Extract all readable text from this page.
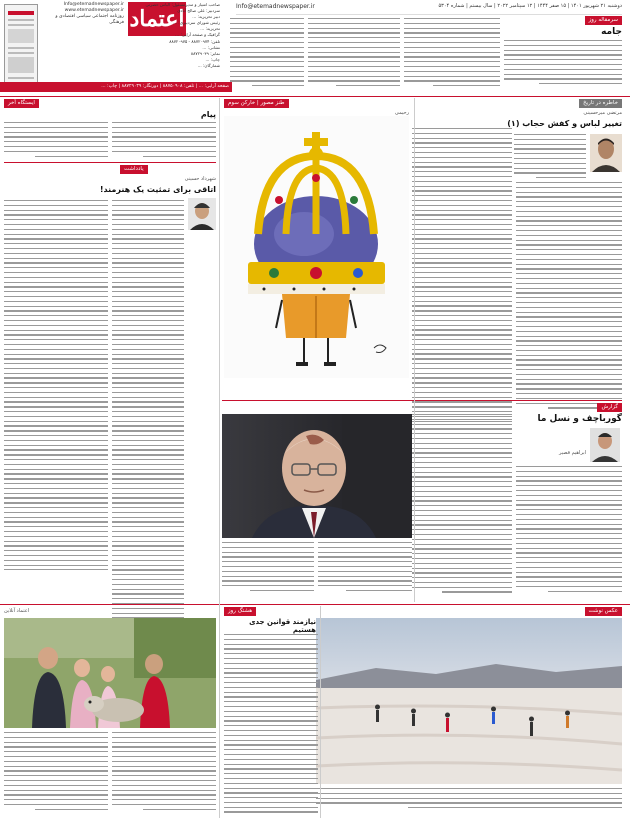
دوشنبه ۲۱ شهریور ۱۴۰۱ | ۱۵ صفر ۱۴۴۴ | ۱۲ سپتامبر ۲۰۲۲ | سال بیستم | شماره ۵۳۰۴
Info@etemadnewspaper.ir
اعتماد
Info@etemadnewspaper.ir
www.etemadnewspaper.ir
روزنامه اجتماعی سیاسی اقتصادی و فرهنگی
صاحب امتیاز و مدیرمسئول: الیاس حضرتی
سردبیر: علی صالح آبادی
دبیر تحریریه: ...
رئیس شورای سردبیری: ...
تحریریه: ...
گرافیک و صفحه آرایی: ...
تلفن: ۸۸۷۲۰۹۷۴ - ۸۸۷۲۰۹۷۵
نشانی: ...
نمابر: ۸۸۷۲۹۰۳۹
چاپ: ...
شمارگان: ...
صفحه آرایی: ... | تلفن: ۸۸۷۵۰۹۰۸ | دورنگار: ۸۸۷۲۹۰۳۹ | چاپ: ...
سرمقاله روز
جامه
خاطره در تاریخ
مرتضی میرحسینی
تغییر لباس و کفش حجاب (۱)
طنز مصور | خارکن سوم
رحیمی
ایستگاه آخر
پیام
یادداشت
شهرداد حسینی
اتاقی برای تمثیت یک هنرمند!
گزارش
گورباچف و نسل ما
ابراهیم قصیر
عکس نوشت
هشتگ روز
نیازمند قوانین جدی هستیم
اعتماد آنلاین
